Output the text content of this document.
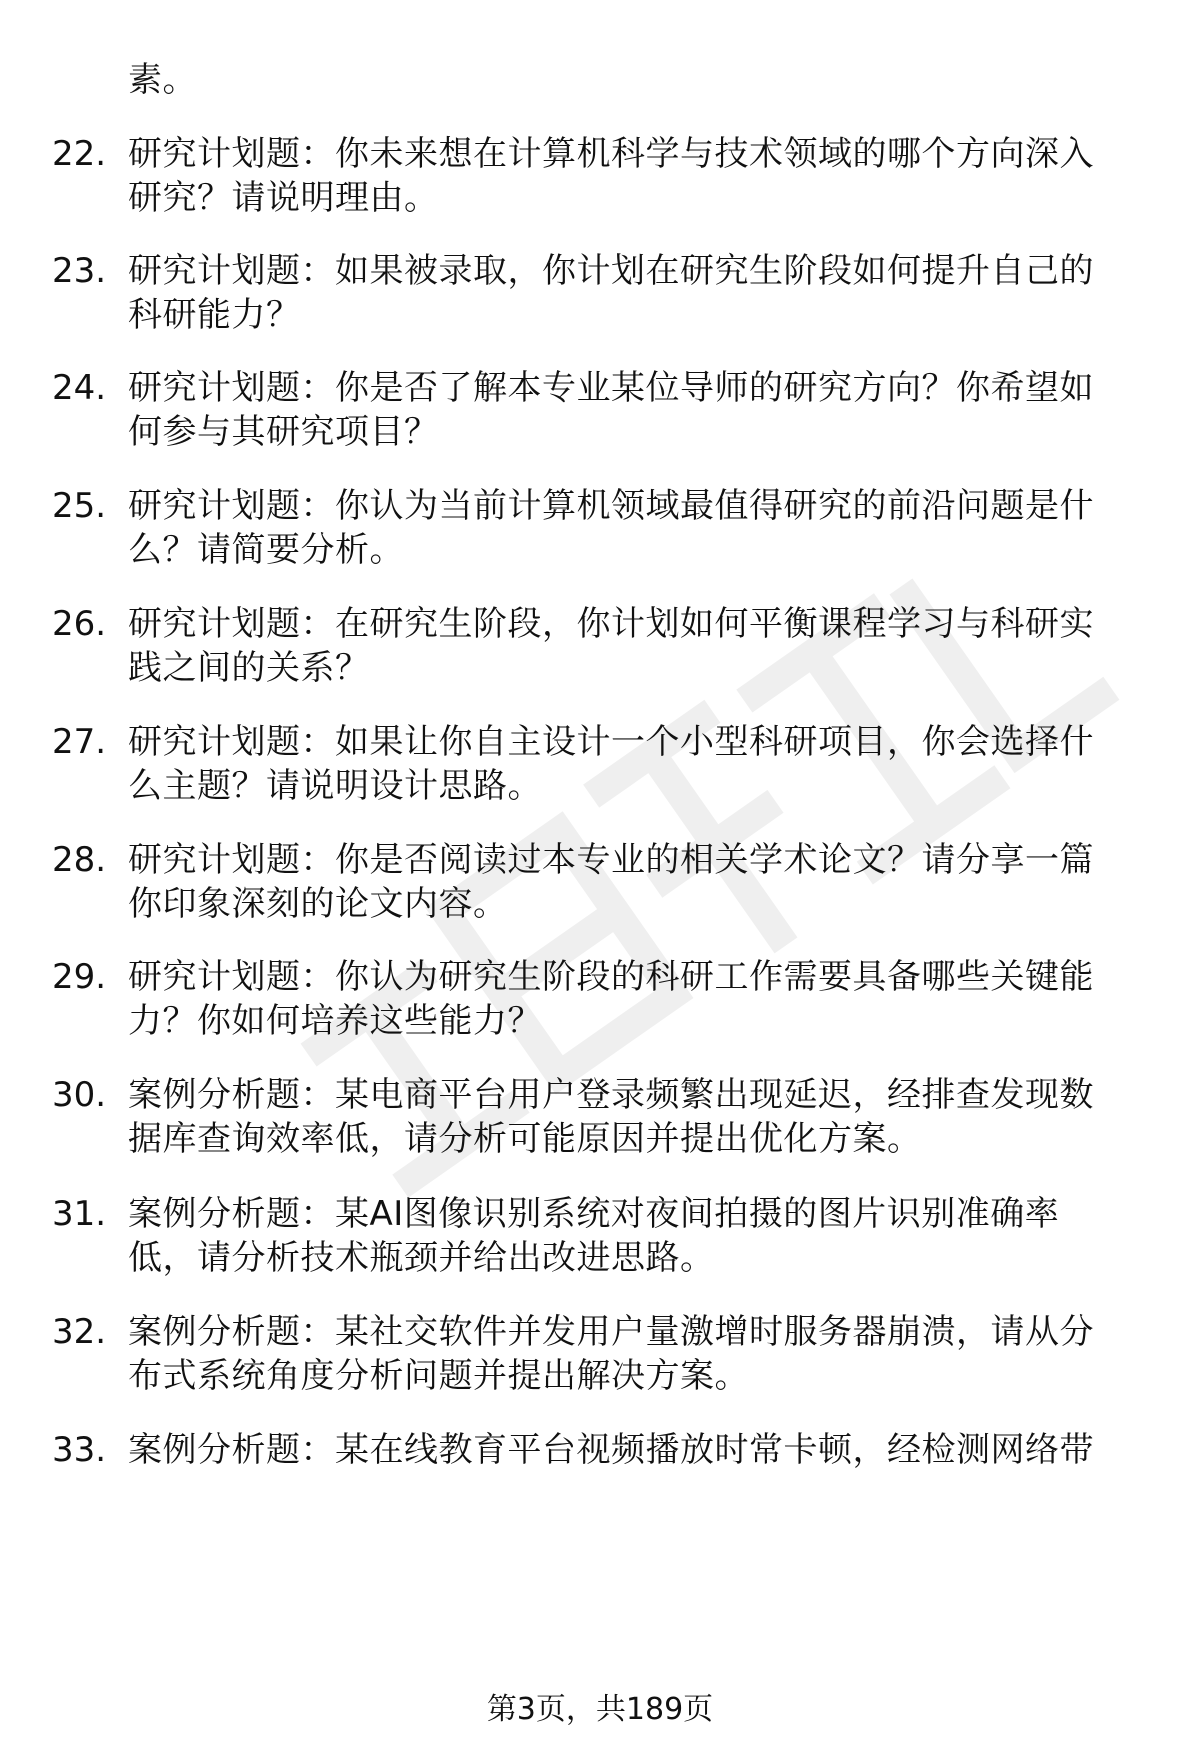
素。
22. 研究计划题：你未来想在计算机科学与技术领域的哪个方向深入
研究？请说明理由。
23. 研究计划题：如果被录取，你计划在研究生阶段如何提升自己的
科研能力？
24. 研究计划题：你是否了解本专业某位导师的研究方向？你希望如
何参与其研究项目？
25. 研究计划题：你认为当前计算机领域最值得研究的前沿问题是什
么？请简要分析。
26. 研究计划题：在研究生阶段，你计划如何平衡课程学习与科研实
践之间的关系？
27. 研究计划题：如果让你自主设计一个小型科研项目，你会选择什
么主题？请说明设计思路。
28. 研究计划题：你是否阅读过本专业的相关学术论文？请分享一篇
你印象深刻的论文内容。
29. 研究计划题：你认为研究生阶段的科研工作需要具备哪些关键能
力？你如何培养这些能力？
30. 案例分析题：某电商平台用户登录频繁出现延迟，经排查发现数
据库查询效率低，请分析可能原因并提出优化方案。
31. 案例分析题：某AI图像识别系统对夜间拍摄的图片识别准确率
低，请分析技术瓶颈并给出改进思路。
32. 案例分析题：某社交软件并发用户量激增时服务器崩溃，请从分
布式系统角度分析问题并提出解决方案。
33. 案例分析题：某在线教育平台视频播放时常卡顿，经检测网络带
第3页，共189页
